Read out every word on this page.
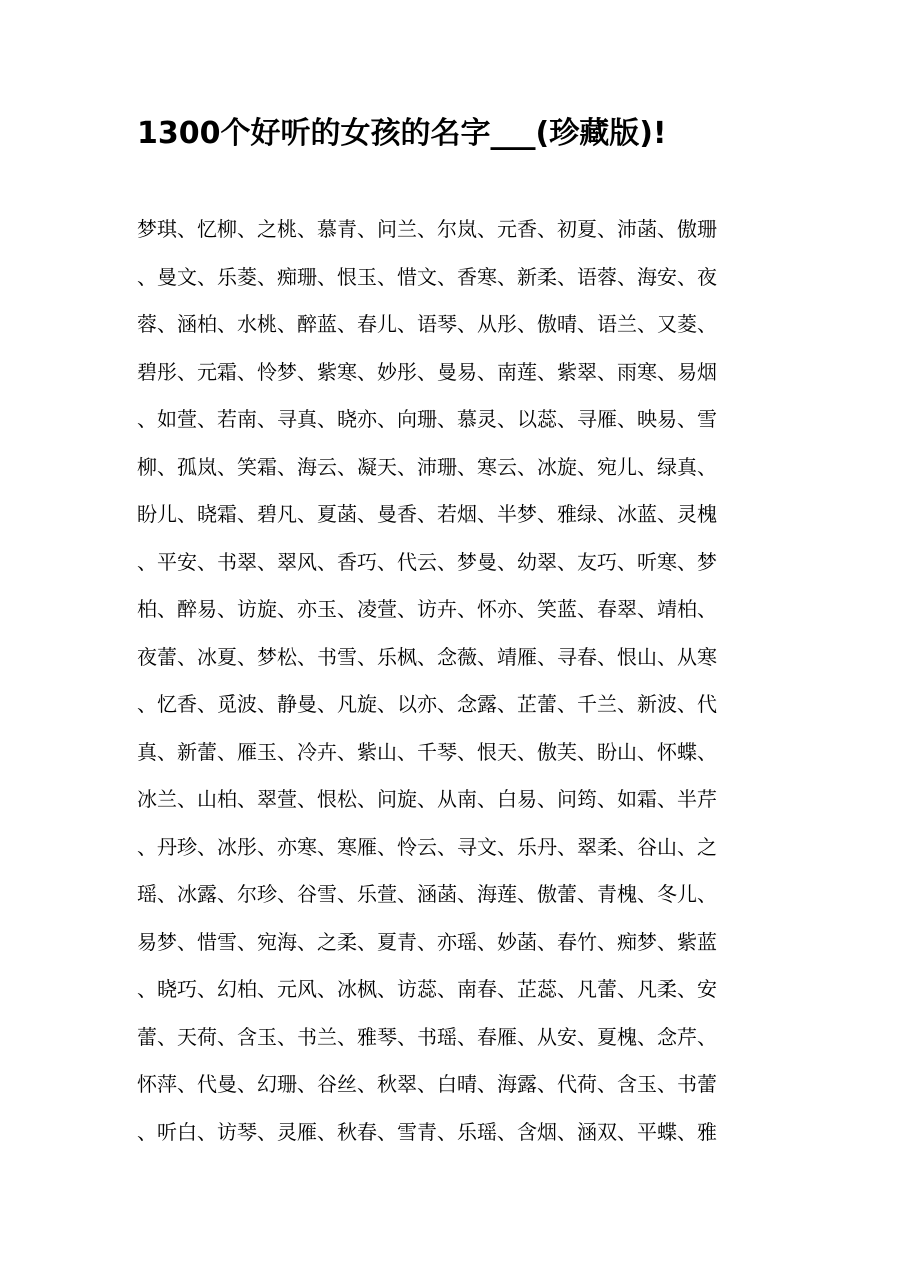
1300个好听的女孩的名字___(珍藏版)!
梦琪、忆柳、之桃、慕青、问兰、尔岚、元香、初夏、沛菡、傲珊
、曼文、乐菱、痴珊、恨玉、惜文、香寒、新柔、语蓉、海安、夜
蓉、涵柏、水桃、醉蓝、春儿、语琴、从彤、傲晴、语兰、又菱、
碧彤、元霜、怜梦、紫寒、妙彤、曼易、南莲、紫翠、雨寒、易烟
、如萱、若南、寻真、晓亦、向珊、慕灵、以蕊、寻雁、映易、雪
柳、孤岚、笑霜、海云、凝天、沛珊、寒云、冰旋、宛儿、绿真、
盼儿、晓霜、碧凡、夏菡、曼香、若烟、半梦、雅绿、冰蓝、灵槐
、平安、书翠、翠风、香巧、代云、梦曼、幼翠、友巧、听寒、梦
柏、醉易、访旋、亦玉、凌萱、访卉、怀亦、笑蓝、春翠、靖柏、
夜蕾、冰夏、梦松、书雪、乐枫、念薇、靖雁、寻春、恨山、从寒
、忆香、觅波、静曼、凡旋、以亦、念露、芷蕾、千兰、新波、代
真、新蕾、雁玉、冷卉、紫山、千琴、恨天、傲芙、盼山、怀蝶、
冰兰、山柏、翠萱、恨松、问旋、从南、白易、问筠、如霜、半芹
、丹珍、冰彤、亦寒、寒雁、怜云、寻文、乐丹、翠柔、谷山、之
瑶、冰露、尔珍、谷雪、乐萱、涵菡、海莲、傲蕾、青槐、冬儿、
易梦、惜雪、宛海、之柔、夏青、亦瑶、妙菡、春竹、痴梦、紫蓝
、晓巧、幻柏、元风、冰枫、访蕊、南春、芷蕊、凡蕾、凡柔、安
蕾、天荷、含玉、书兰、雅琴、书瑶、春雁、从安、夏槐、念芹、
怀萍、代曼、幻珊、谷丝、秋翠、白晴、海露、代荷、含玉、书蕾
、听白、访琴、灵雁、秋春、雪青、乐瑶、含烟、涵双、平蝶、雅
